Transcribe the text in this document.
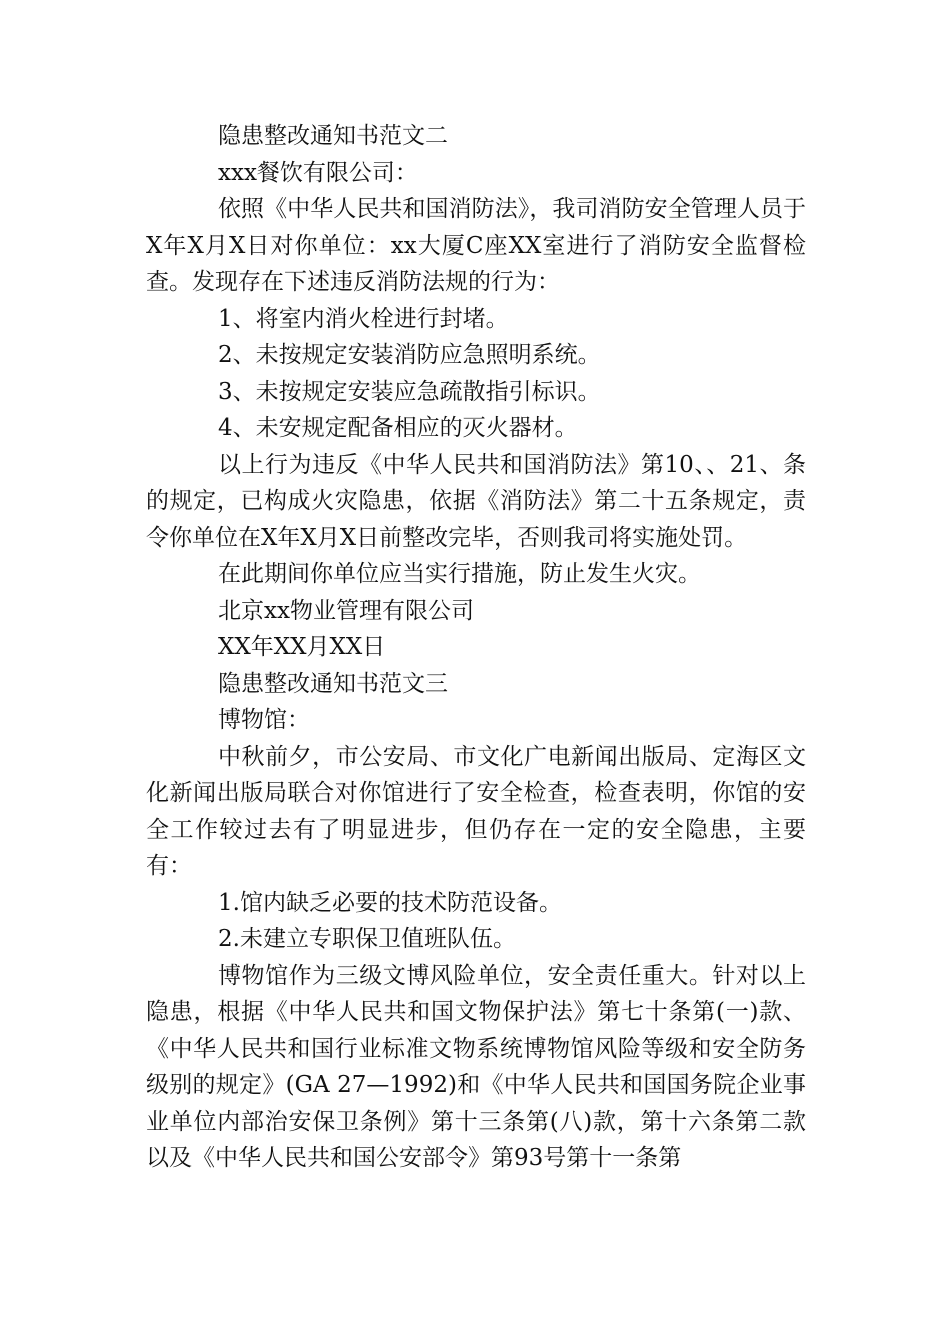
隐患整改通知书范文二

xxx餐饮有限公司：

依照《中华人民共和国消防法》，我司消防安全管理人员于X年X月X日对你单位：xx大厦C座XX室进行了消防安全监督检查。发现存在下述违反消防法规的行为：

1、将室内消火栓进行封堵。

2、未按规定安装消防应急照明系统。

3、未按规定安装应急疏散指引标识。

4、未安规定配备相应的灭火器材。

以上行为违反《中华人民共和国消防法》第10、、21、条的规定，已构成火灾隐患，依据《消防法》第二十五条规定，责令你单位在X年X月X日前整改完毕，否则我司将实施处罚。

在此期间你单位应当实行措施，防止发生火灾。

北京xx物业管理有限公司

XX年XX月XX日

隐患整改通知书范文三

博物馆：

中秋前夕，市公安局、市文化广电新闻出版局、定海区文化新闻出版局联合对你馆进行了安全检查，检查表明，你馆的安全工作较过去有了明显进步，但仍存在一定的安全隐患，主要有：

1.馆内缺乏必要的技术防范设备。

2.未建立专职保卫值班队伍。

博物馆作为三级文博风险单位，安全责任重大。针对以上隐患，根据《中华人民共和国文物保护法》第七十条第(一)款、《中华人民共和国行业标准文物系统博物馆风险等级和安全防务级别的规定》(GA 27—1992)和《中华人民共和国国务院企业事业单位内部治安保卫条例》第十三条第(八)款，第十六条第二款以及《中华人民共和国公安部令》第93号第十一条第
